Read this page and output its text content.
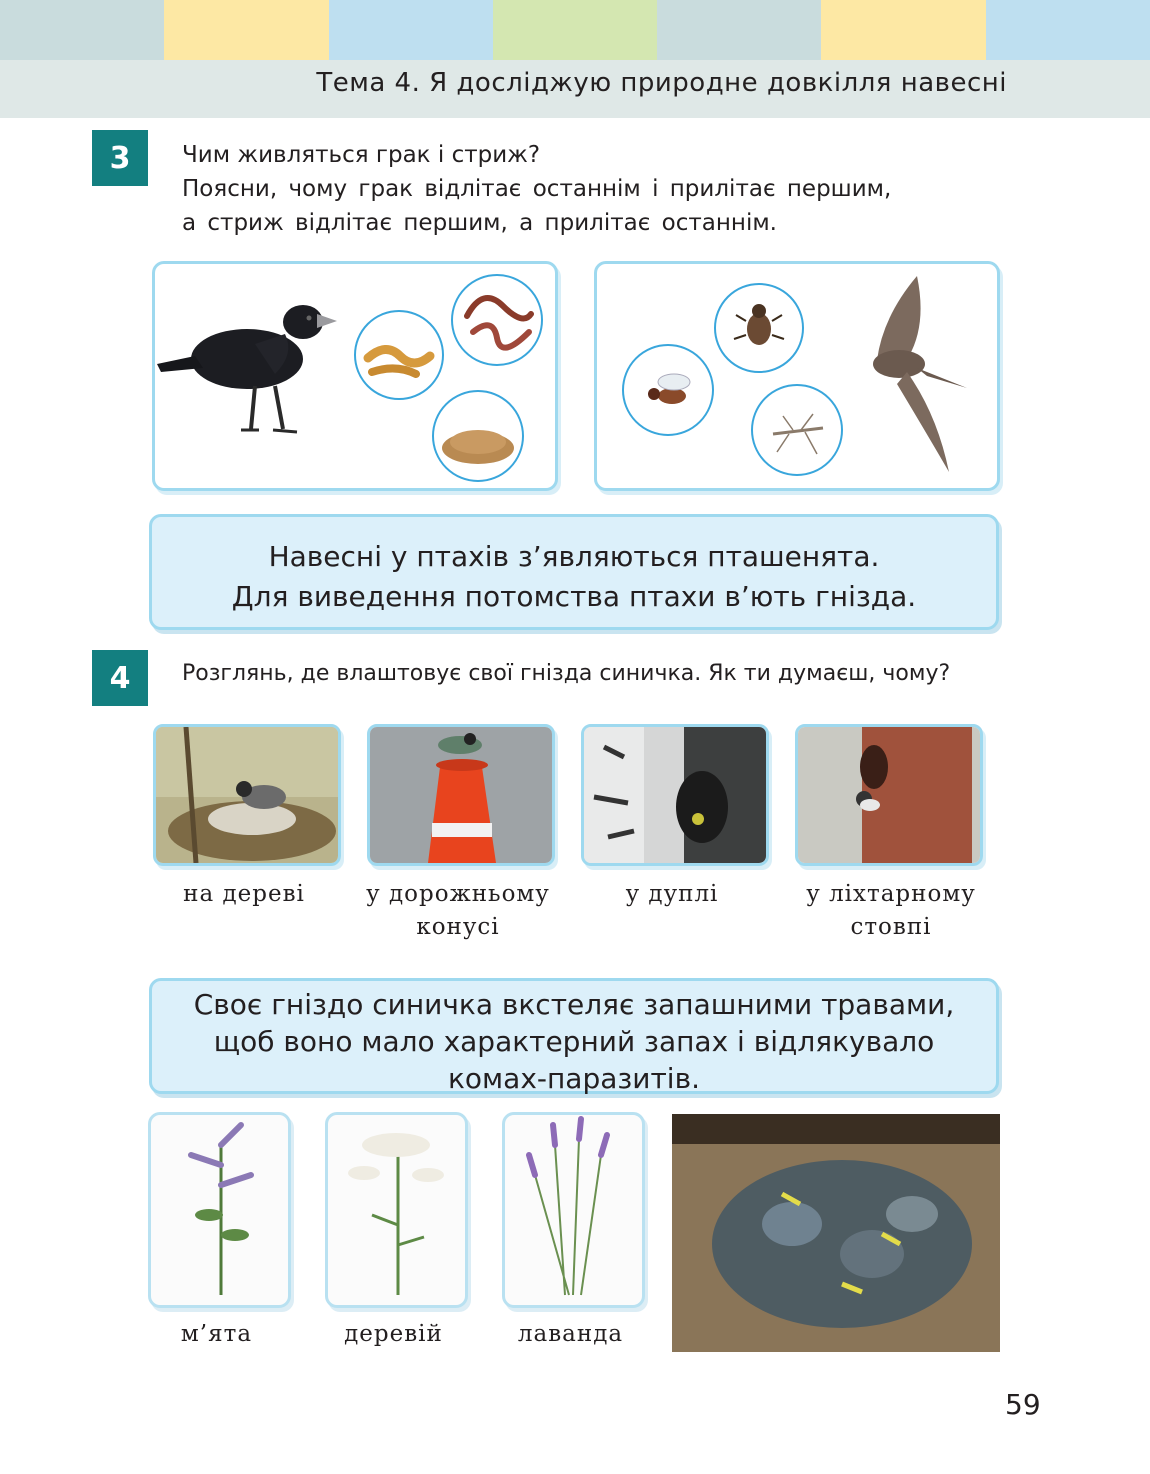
Тема 4. Я досліджую природне довкілля навесні
3	Чим живляться грак і стриж?

Поясни, чому грак відлітає останнім і прилітає першим,

а стриж відлітає першим, а прилітає останнім.

Навесні у птахів з’являються пташенята.

Для виведення потомства птахи в’ють гнізда.

4	Розглянь, де влаштовує свої гнізда синичка. Як ти думаєш, чому?
на дереві	у дорожньому
конусі
у дуплі	у ліхтарному
стовпі

Своє гніздо синичка вкстеляє запашними травами,

щоб воно мало характерний запах і відлякувало

комах-паразитів.

м’ята	деревій	лаванда
59
